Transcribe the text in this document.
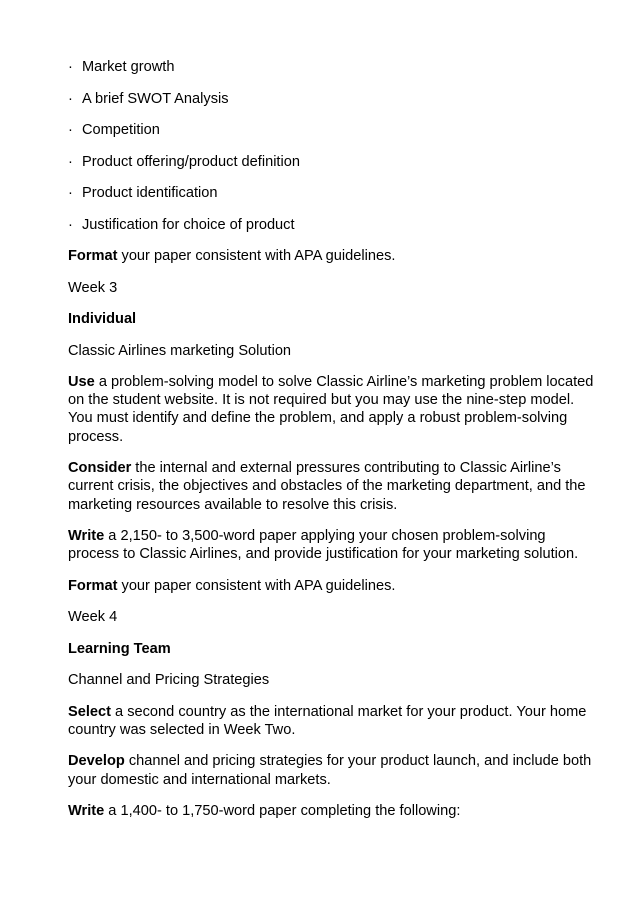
· Market growth
· A brief SWOT Analysis
· Competition
· Product offering/product definition
· Product identification
· Justification for choice of product
Format your paper consistent with APA guidelines.
Week 3
Individual
Classic Airlines marketing Solution
Use a problem-solving model to solve Classic Airline’s marketing problem located
on the student website. It is not required but you may use the nine-step model.
You must identify and define the problem, and apply a robust problem-solving
process.
Consider the internal and external pressures contributing to Classic Airline’s
current crisis, the objectives and obstacles of the marketing department, and the
marketing resources available to resolve this crisis.
Write a 2,150- to 3,500-word paper applying your chosen problem-solving
process to Classic Airlines, and provide justification for your marketing solution.
Format your paper consistent with APA guidelines.
Week 4
Learning Team
Channel and Pricing Strategies
Select a second country as the international market for your product. Your home
country was selected in Week Two.
Develop channel and pricing strategies for your product launch, and include both
your domestic and international markets.
Write a 1,400- to 1,750-word paper completing the following:
